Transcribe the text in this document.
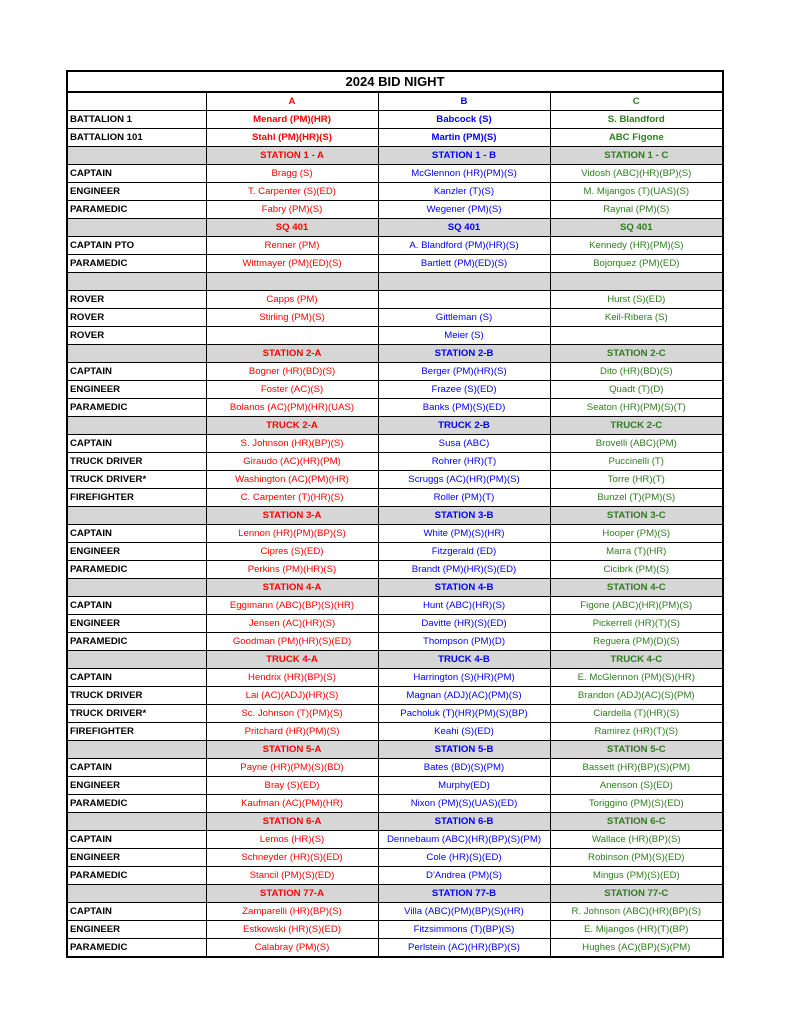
2024 BID NIGHT			
	A	B	C
BATTALION 1	Menard (PM)(HR)	Babcock (S)	S. Blandford
BATTALION 101	Stahl (PM)(HR)(S)	Martin (PM)(S)	ABC Figone
	STATION 1 - A	STATION 1 - B	STATION 1 - C
CAPTAIN	Bragg (S)	McGlennon (HR)(PM)(S)	Vidosh (ABC)(HR)(BP)(S)
ENGINEER	T. Carpenter (S)(ED)	Kanzler (T)(S)	M. Mijangos (T)(UAS)(S)
PARAMEDIC	Fabry (PM)(S)	Wegener (PM)(S)	Raynal (PM)(S)
	SQ 401	SQ 401	SQ 401
CAPTAIN PTO	Renner (PM)	A. Blandford (PM)(HR)(S)	Kennedy (HR)(PM)(S)
PARAMEDIC	Wittmayer (PM)(ED)(S)	Bartlett (PM)(ED)(S)	Bojorquez (PM)(ED)

ROVER	Capps (PM)		Hurst (S)(ED)
ROVER	Stirling (PM)(S)	Gittleman (S)	Keil-Ribera (S)
ROVER		Meier (S)	
	STATION 2-A	STATION 2-B	STATION 2-C
CAPTAIN	Bogner (HR)(BD)(S)	Berger (PM)(HR)(S)	Dito (HR)(BD)(S)
ENGINEER	Foster (AC)(S)	Frazee (S)(ED)	Quadt (T)(D)
PARAMEDIC	Bolanos (AC)(PM)(HR)(UAS)	Banks (PM)(S)(ED)	Seaton (HR)(PM)(S)(T)
	TRUCK 2-A	TRUCK 2-B	TRUCK 2-C
CAPTAIN	S. Johnson (HR)(BP)(S)	Susa (ABC)	Brovelli (ABC)(PM)
TRUCK DRIVER	Giraudo (AC)(HR)(PM)	Rohrer (HR)(T)	Puccinelli (T)
TRUCK DRIVER*	Washington (AC)(PM)(HR)	Scruggs (AC)(HR)(PM)(S)	Torre (HR)(T)
FIREFIGHTER	C. Carpenter (T)(HR)(S)	Roller (PM)(T)	Bunzel (T)(PM)(S)
	STATION 3-A	STATION 3-B	STATION 3-C
CAPTAIN	Lennon (HR)(PM)(BP)(S)	White (PM)(S)(HR)	Hooper (PM)(S)
ENGINEER	Cipres (S)(ED)	Fitzgerald (ED)	Marra (T)(HR)
PARAMEDIC	Perkins (PM)(HR)(S)	Brandt (PM)(HR)(S)(ED)	Cicibrk (PM)(S)
	STATION 4-A	STATION 4-B	STATION 4-C
CAPTAIN	Eggimann (ABC)(BP)(S)(HR)	Hunt (ABC)(HR)(S)	Figone (ABC)(HR)(PM)(S)
ENGINEER	Jensen (AC)(HR)(S)	Davitte (HR)(S)(ED)	Pickerrell (HR)(T)(S)
PARAMEDIC	Goodman (PM)(HR)(S)(ED)	Thompson (PM)(D)	Reguera (PM)(D)(S)
	TRUCK 4-A	TRUCK 4-B	TRUCK 4-C
CAPTAIN	Hendrix (HR)(BP)(S)	Harrington (S)(HR)(PM)	E. McGlennon (PM)(S)(HR)
TRUCK DRIVER	Lai (AC)(ADJ)(HR)(S)	Magnan (ADJ)(AC)(PM)(S)	Brandon (ADJ)(AC)(S)(PM)
TRUCK DRIVER*	Sc. Johnson (T)(PM)(S)	Pacholuk (T)(HR)(PM)(S)(BP)	Ciardella (T)(HR)(S)
FIREFIGHTER	Pritchard (HR)(PM)(S)	Keahi (S)(ED)	Ramirez (HR)(T)(S)
	STATION 5-A	STATION 5-B	STATION 5-C
CAPTAIN	Payne (HR)(PM)(S)(BD)	Bates (BD)(S)(PM)	Bassett (HR)(BP)(S)(PM)
ENGINEER	Bray (S)(ED)	Murphy(ED)	Anenson (S)(ED)
PARAMEDIC	Kaufman (AC)(PM)(HR)	Nixon (PM)(S)(UAS)(ED)	Toriggino (PM)(S)(ED)
	STATION 6-A	STATION 6-B	STATION 6-C
CAPTAIN	Lemos (HR)(S)	Dennebaum (ABC)(HR)(BP)(S)(PM)	Wallace (HR)(BP)(S)
ENGINEER	Schneyder (HR)(S)(ED)	Cole (HR)(S)(ED)	Robinson (PM)(S)(ED)
PARAMEDIC	Stancil (PM)(S)(ED)	D'Andrea (PM)(S)	Mingus (PM)(S)(ED)
	STATION 77-A	STATION 77-B	STATION 77-C
CAPTAIN	Zamparelli (HR)(BP)(S)	Villa (ABC)(PM)(BP)(S)(HR)	R. Johnson (ABC)(HR)(BP)(S)
ENGINEER	Estkowski (HR)(S)(ED)	Fitzsimmons (T)(BP)(S)	E. Mijangos (HR)(T)(BP)
PARAMEDIC	Calabray (PM)(S)	Perlstein (AC)(HR)(BP)(S)	Hughes (AC)(BP)(S)(PM)
